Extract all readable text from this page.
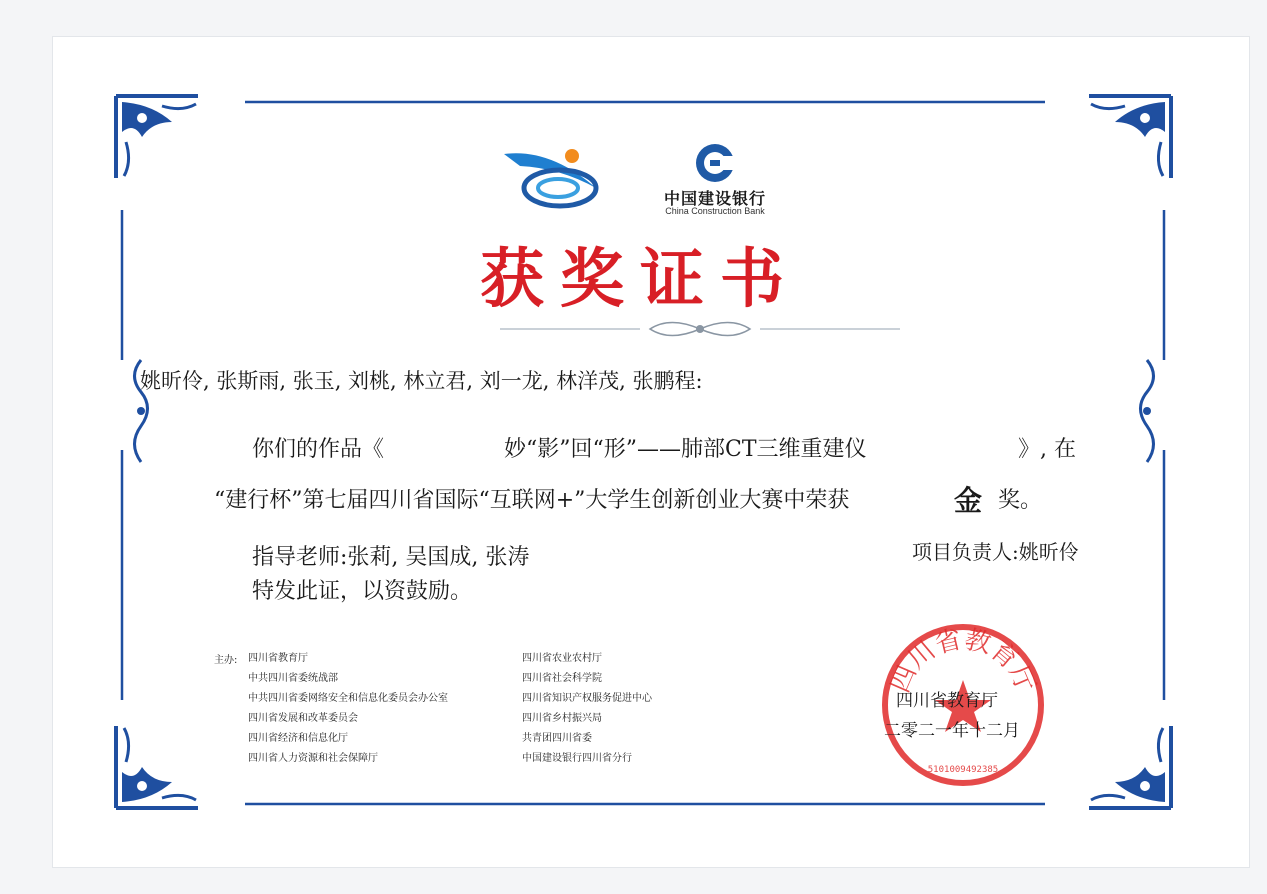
中国建设银行
China Construction Bank
获奖证书
姚昕伶, 张斯雨, 张玉, 刘桃, 林立君, 刘一龙, 林洋茂, 张鹏程:
你们的作品《	妙“影”回“形”——肺部CT三维重建仪	》, 在
“建行杯”第七届四川省国际“互联网+”大学生创新创业大赛中荣获	金 奖。
指导老师:张莉, 吴国成, 张涛	项目负责人:姚昕伶
特发此证，以资鼓励。
主办: 四川省教育厅
中共四川省委统战部
中共四川省委网络安全和信息化委员会办公室
四川省发展和改革委员会
四川省经济和信息化厅
四川省人力资源和社会保障厅
四川省农业农村厅
四川省社会科学院
四川省知识产权服务促进中心
四川省乡村振兴局
共青团四川省委
中国建设银行四川省分行
四川省教育厅
5101009492385
四川省教育厅
二零二一年十二月
